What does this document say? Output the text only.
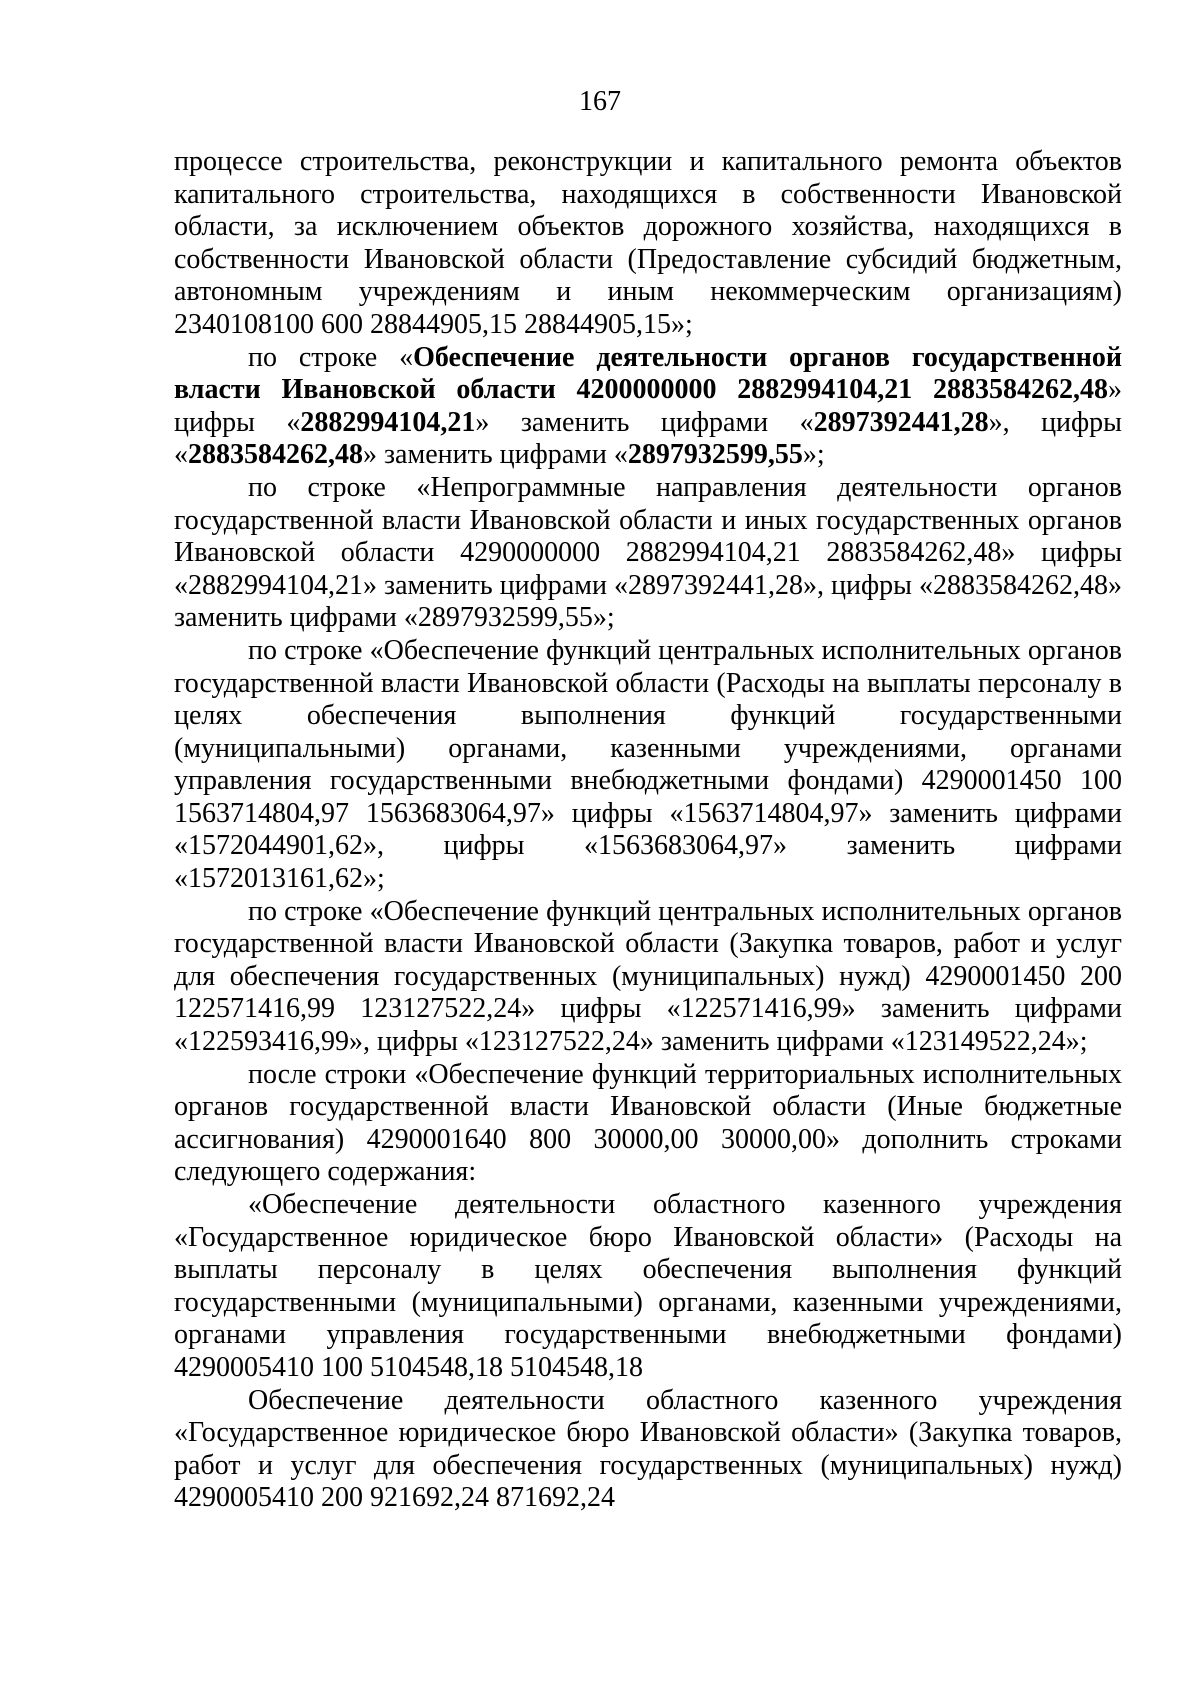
167

процессе строительства, реконструкции и капитального ремонта объектов капитального строительства, находящихся в собственности Ивановской области, за исключением объектов дорожного хозяйства, находящихся в собственности Ивановской области (Предоставление субсидий бюджетным, автономным учреждениям и иным некоммерческим организациям) 2340108100 600 28844905,15 28844905,15»;

по строке «Обеспечение деятельности органов государственной власти Ивановской области 4200000000 2882994104,21 2883584262,48» цифры «2882994104,21» заменить цифрами «2897392441,28», цифры «2883584262,48» заменить цифрами «2897932599,55»;

по строке «Непрограммные направления деятельности органов государственной власти Ивановской области и иных государственных органов Ивановской области 4290000000 2882994104,21 2883584262,48» цифры «2882994104,21» заменить цифрами «2897392441,28», цифры «2883584262,48» заменить цифрами «2897932599,55»;

по строке «Обеспечение функций центральных исполнительных органов государственной власти Ивановской области (Расходы на выплаты персоналу в целях обеспечения выполнения функций государственными (муниципальными) органами, казенными учреждениями, органами управления государственными внебюджетными фондами) 4290001450 100 1563714804,97 1563683064,97» цифры «1563714804,97» заменить цифрами «1572044901,62», цифры «1563683064,97» заменить цифрами «1572013161,62»;

по строке «Обеспечение функций центральных исполнительных органов государственной власти Ивановской области (Закупка товаров, работ и услуг для обеспечения государственных (муниципальных) нужд) 4290001450 200 122571416,99 123127522,24» цифры «122571416,99» заменить цифрами «122593416,99», цифры «123127522,24» заменить цифрами «123149522,24»;

после строки «Обеспечение функций территориальных исполнительных органов государственной власти Ивановской области (Иные бюджетные ассигнования) 4290001640 800 30000,00 30000,00» дополнить строками следующего содержания:

«Обеспечение деятельности областного казенного учреждения «Государственное юридическое бюро Ивановской области» (Расходы на выплаты персоналу в целях обеспечения выполнения функций государственными (муниципальными) органами, казенными учреждениями, органами управления государственными внебюджетными фондами) 4290005410 100 5104548,18 5104548,18

Обеспечение деятельности областного казенного учреждения «Государственное юридическое бюро Ивановской области» (Закупка товаров, работ и услуг для обеспечения государственных (муниципальных) нужд) 4290005410 200 921692,24 871692,24
